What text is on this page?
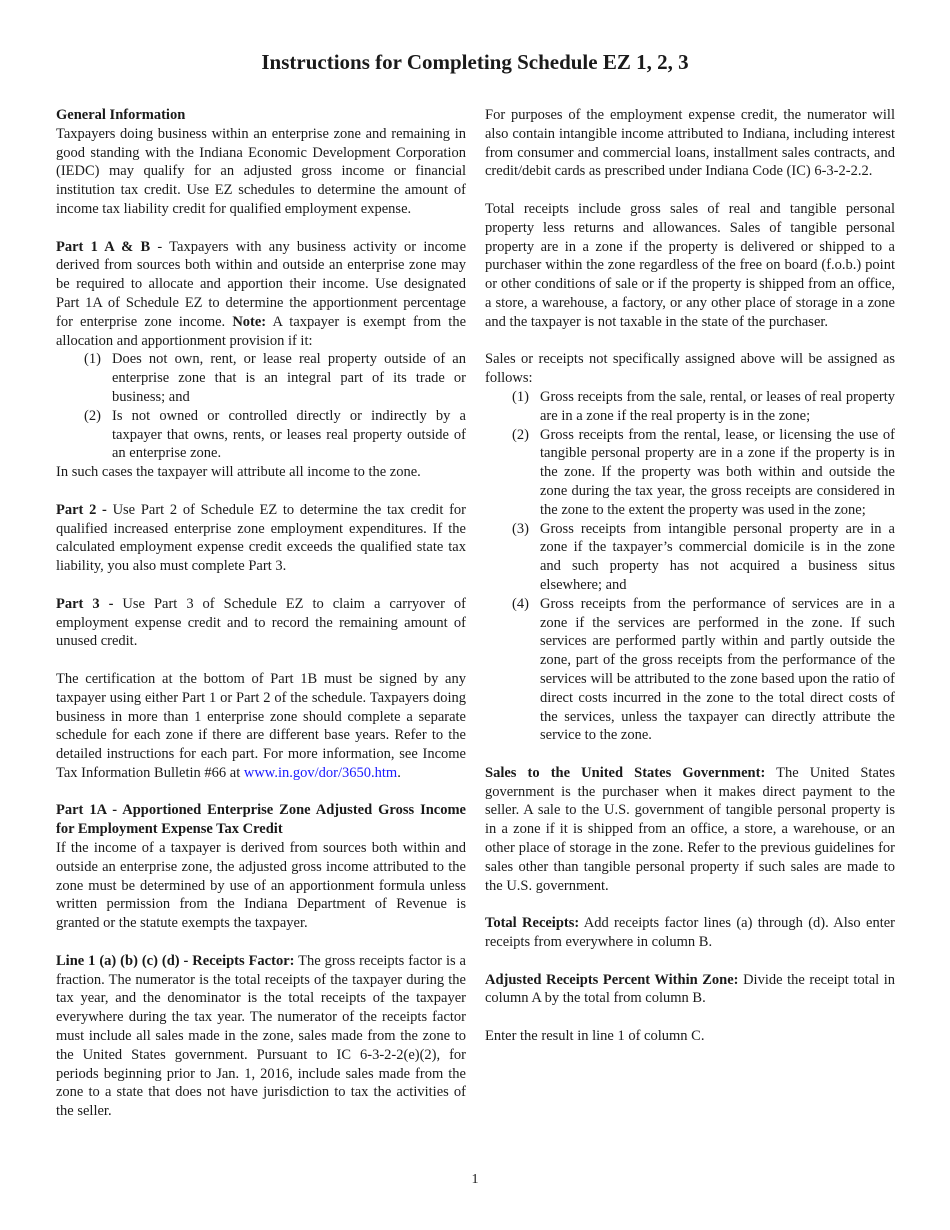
Instructions for Completing Schedule EZ 1, 2, 3
General Information
Taxpayers doing business within an enterprise zone and remaining in good standing with the Indiana Economic Development Corporation (IEDC) may qualify for an adjusted gross income or financial institution tax credit. Use EZ schedules to determine the amount of income tax liability credit for qualified employment expense.

Part 1 A & B - Taxpayers with any business activity or income derived from sources both within and outside an enterprise zone may be required to allocate and apportion their income. Use designated Part 1A of Schedule EZ to determine the apportionment percentage for enterprise zone income. Note: A taxpayer is exempt from the allocation and apportionment provision if it:

(1) Does not own, rent, or lease real property outside of an enterprise zone that is an integral part of its trade or business; and
(2) Is not owned or controlled directly or indirectly by a taxpayer that owns, rents, or leases real property outside of an enterprise zone.
In such cases the taxpayer will attribute all income to the zone.

Part 2 - Use Part 2 of Schedule EZ to determine the tax credit for qualified increased enterprise zone employment expenditures. If the calculated employment expense credit exceeds the qualified state tax liability, you also must complete Part 3.

Part 3 - Use Part 3 of Schedule EZ to claim a carryover of employment expense credit and to record the remaining amount of unused credit.

The certification at the bottom of Part 1B must be signed by any taxpayer using either Part 1 or Part 2 of the schedule. Taxpayers doing business in more than 1 enterprise zone should complete a separate schedule for each zone if there are different base years. Refer to the detailed instructions for each part. For more information, see Income Tax Information Bulletin #66 at www.in.gov/dor/3650.htm.

Part 1A - Apportioned Enterprise Zone Adjusted Gross Income for Employment Expense Tax Credit
If the income of a taxpayer is derived from sources both within and outside an enterprise zone, the adjusted gross income attributed to the zone must be determined by use of an apportionment formula unless written permission from the Indiana Department of Revenue is granted or the statute exempts the taxpayer.

Line 1 (a) (b) (c) (d) - Receipts Factor: The gross receipts factor is a fraction. The numerator is the total receipts of the taxpayer during the tax year, and the denominator is the total receipts of the taxpayer everywhere during the tax year. The numerator of the receipts factor must include all sales made in the zone, sales made from the zone to the United States government. Pursuant to IC 6-3-2-2(e)(2), for periods beginning prior to Jan. 1, 2016, include sales made from the zone to a state that does not have jurisdiction to tax the activities of the seller.

For purposes of the employment expense credit, the numerator will also contain intangible income attributed to Indiana, including interest from consumer and commercial loans, installment sales contracts, and credit/debit cards as prescribed under Indiana Code (IC) 6-3-2-2.2.

Total receipts include gross sales of real and tangible personal property less returns and allowances. Sales of tangible personal property are in a zone if the property is delivered or shipped to a purchaser within the zone regardless of the free on board (f.o.b.) point or other conditions of sale or if the property is shipped from an office, a store, a warehouse, a factory, or any other place of storage in a zone and the taxpayer is not taxable in the state of the purchaser.

Sales or receipts not specifically assigned above will be assigned as follows:
(1) Gross receipts from the sale, rental, or leases of real property are in a zone if the real property is in the zone;
(2) Gross receipts from the rental, lease, or licensing the use of tangible personal property are in a zone if the property is in the zone. If the property was both within and outside the zone during the tax year, the gross receipts are considered in the zone to the extent the property was used in the zone;
(3) Gross receipts from intangible personal property are in a zone if the taxpayer’s commercial domicile is in the zone and such property has not acquired a business situs elsewhere; and
(4) Gross receipts from the performance of services are in a zone if the services are performed in the zone. If such services are performed partly within and partly outside the zone, part of the gross receipts from the performance of the services will be attributed to the zone based upon the ratio of direct costs incurred in the zone to the total direct costs of the services, unless the taxpayer can directly attribute the service to the zone.

Sales to the United States Government: The United States government is the purchaser when it makes direct payment to the seller. A sale to the U.S. government of tangible personal property is in a zone if it is shipped from an office, a store, a warehouse, or an other place of storage in the zone. Refer to the previous guidelines for sales other than tangible personal property if such sales are made to the U.S. government.

Total Receipts: Add receipts factor lines (a) through (d). Also enter receipts from everywhere in column B.

Adjusted Receipts Percent Within Zone: Divide the receipt total in column A by the total from column B.

Enter the result in line 1 of column C.

1
